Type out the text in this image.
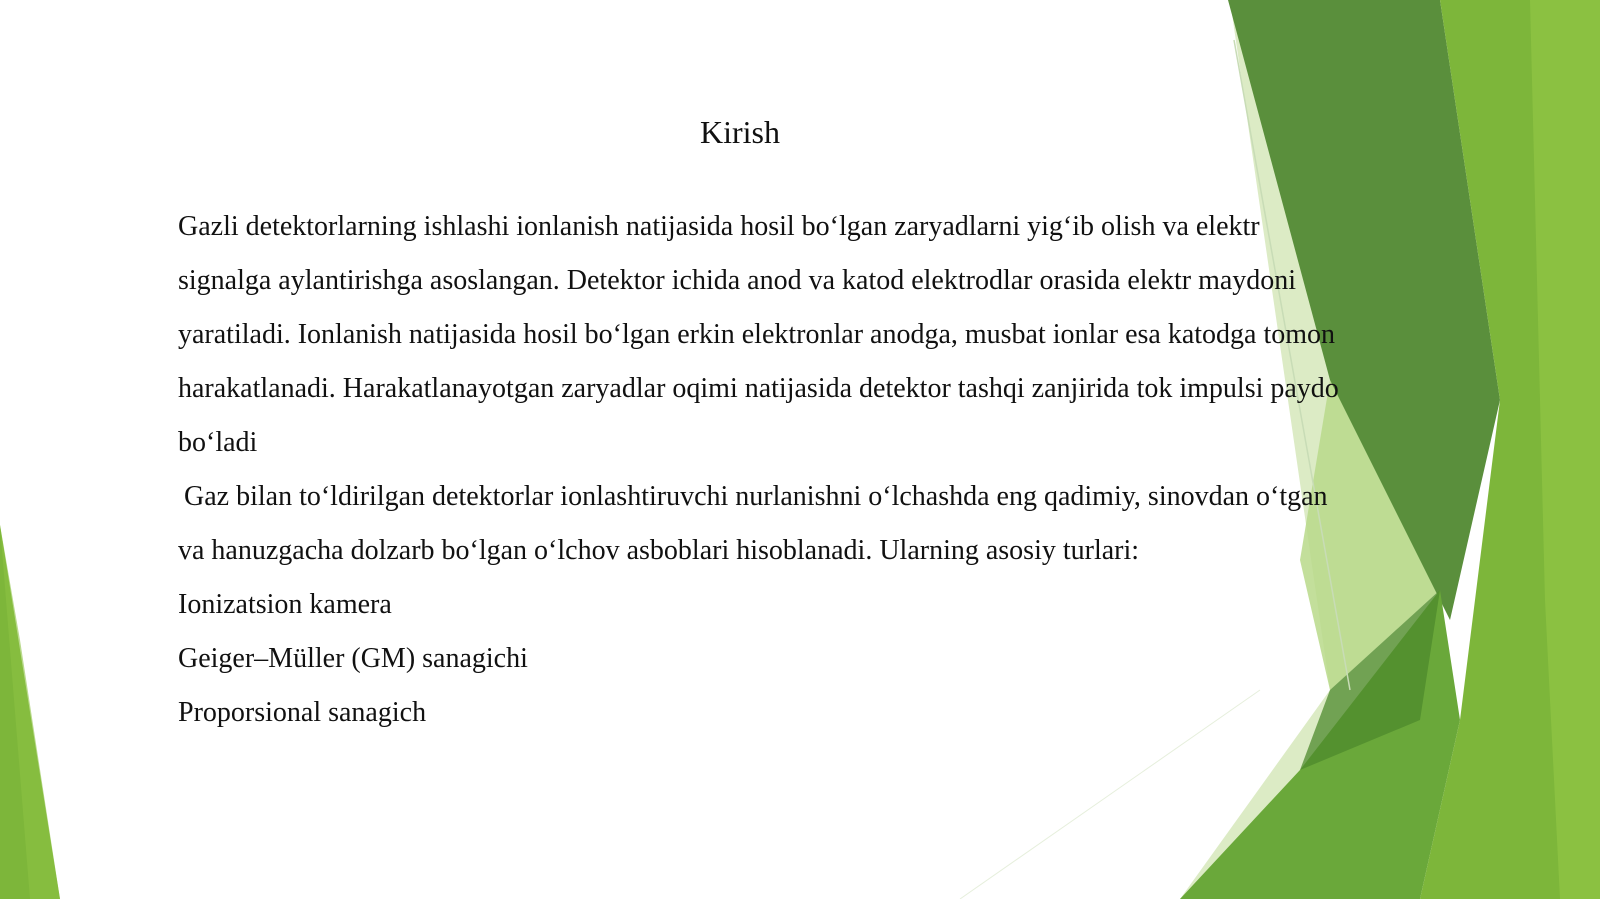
Kirish

Gazli detektorlarning ishlashi ionlanish natijasida hosil bo‘lgan zaryadlarni yig‘ib olish va elektr signalga aylantirishga asoslangan. Detektor ichida anod va katod elektrodlar orasida elektr maydoni yaratiladi. Ionlanish natijasida hosil bo‘lgan erkin elektronlar anodga, musbat ionlar esa katodga tomon harakatlanadi. Harakatlanayotgan zaryadlar oqimi natijasida detektor tashqi zanjirida tok impulsi paydo bo‘ladi

Gaz bilan to‘ldirilgan detektorlar ionlashtiruvchi nurlanishni o‘lchashda eng qadimiy, sinovdan o‘tgan va hanuzgacha dolzarb bo‘lgan o‘lchov asboblari hisoblanadi. Ularning asosiy turlari:

Ionizatsion kamera

Geiger–Müller (GM) sanagichi

Proporsional sanagich
